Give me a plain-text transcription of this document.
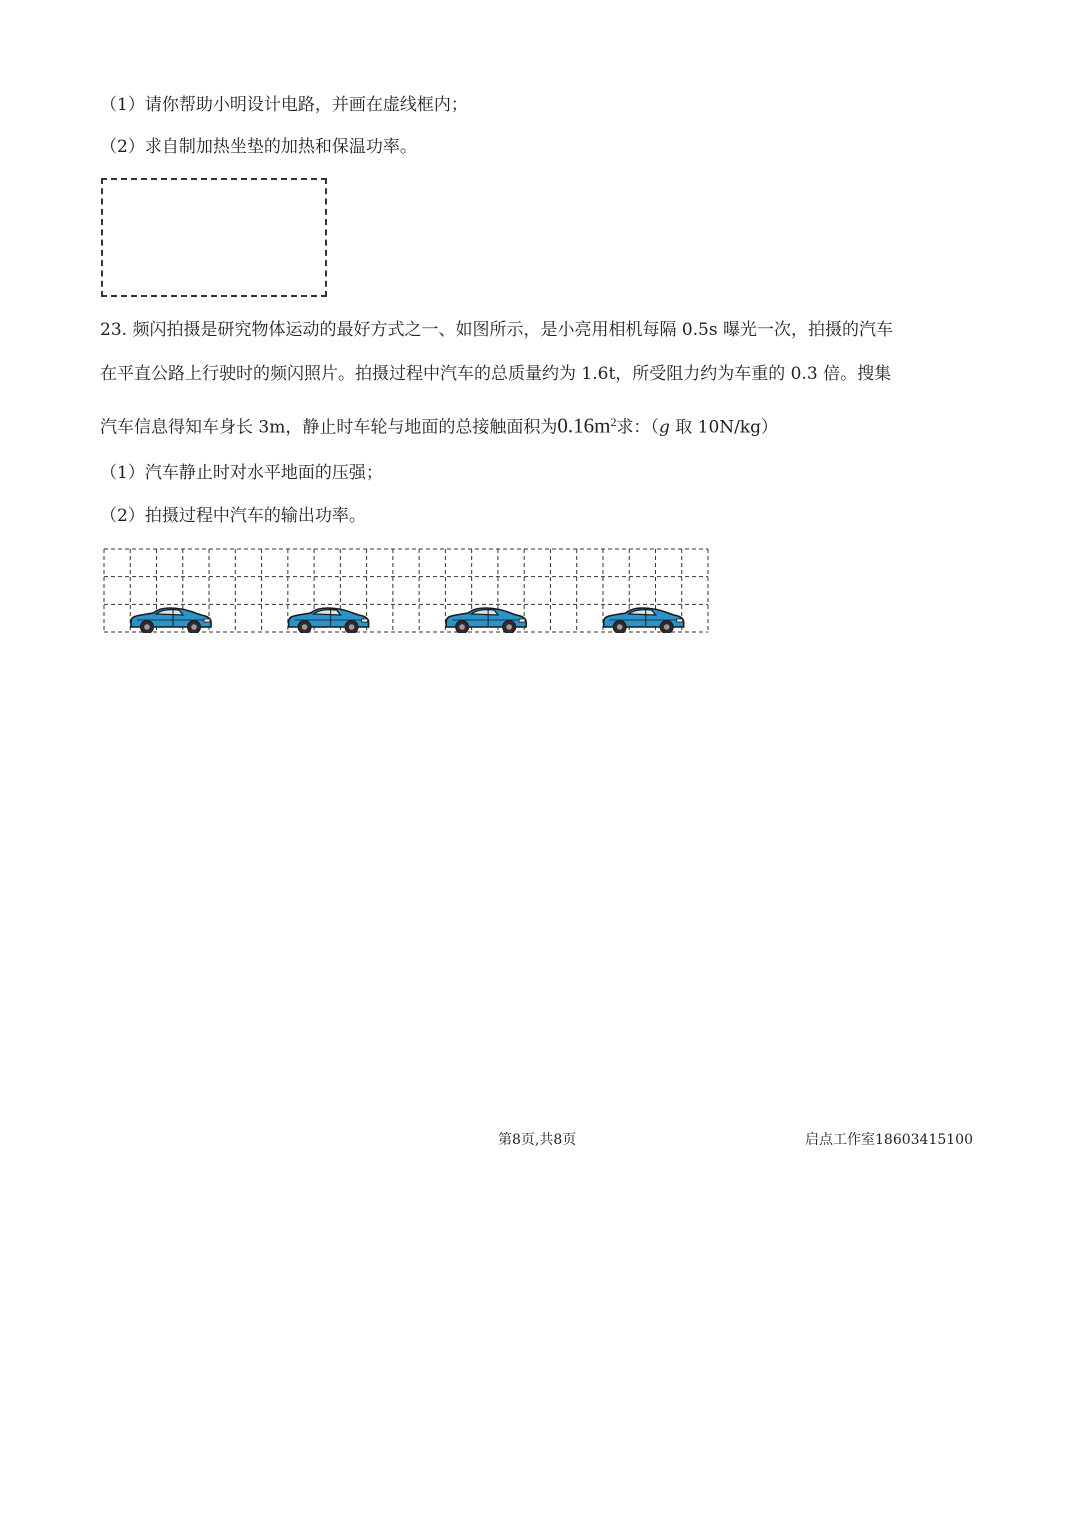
（1）请你帮助小明设计电路，并画在虚线框内；
（2）求自制加热坐垫的加热和保温功率。
23. 频闪拍摄是研究物体运动的最好方式之一、如图所示，是小亮用相机每隔 0.5s 曝光一次，拍摄的汽车
在平直公路上行驶时的频闪照片。拍摄过程中汽车的总质量约为 1.6t，所受阻力约为车重的 0.3 倍。搜集
汽车信息得知车身长 3m，静止时车轮与地面的总接触面积为$0.16m^2$求：（g 取 10N/kg）
（1）汽车静止时对水平地面的压强；
（2）拍摄过程中汽车的输出功率。
第8页,共8页	启点工作室18603415100
